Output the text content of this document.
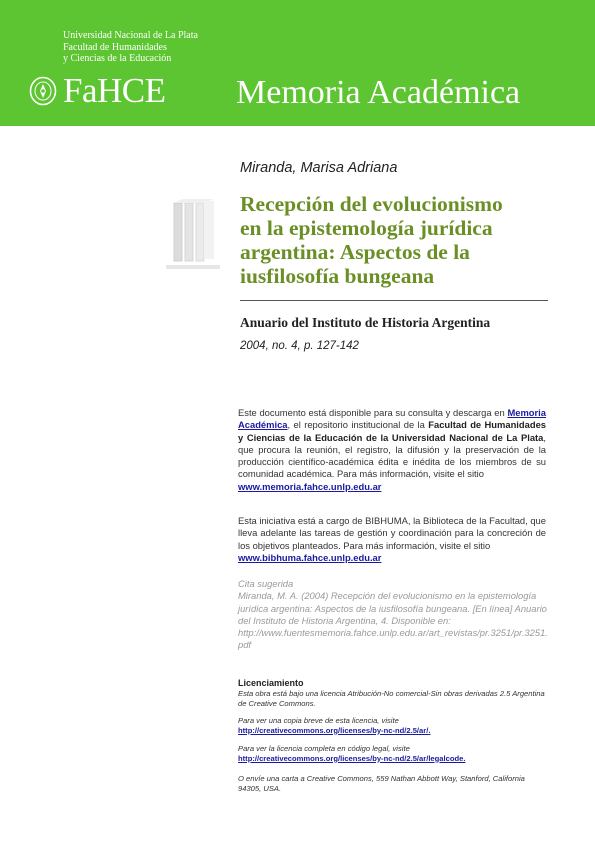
Universidad Nacional de La Plata
Facultad de Humanidades
y Ciencias de la Educación
FaHCE Memoria Académica
Miranda, Marisa Adriana
Recepción del evolucionismo
en la epistemología jurídica
argentina: Aspectos de la
iusfilosofía bungeana
Anuario del Instituto de Historia Argentina
2004, no. 4, p. 127-142
Este documento está disponible para su consulta y descarga en Memoria Académica, el repositorio institucional de la Facultad de Humanidades y Ciencias de la Educación de la Universidad Nacional de La Plata, que procura la reunión, el registro, la difusión y la preservación de la producción científico-académica édita e inédita de los miembros de su comunidad académica. Para más información, visite el sitio
www.memoria.fahce.unlp.edu.ar
Esta iniciativa está a cargo de BIBHUMA, la Biblioteca de la Facultad, que lleva adelante las tareas de gestión y coordinación para la concreción de los objetivos planteados. Para más información, visite el sitio
www.bibhuma.fahce.unlp.edu.ar
Cita sugerida
Miranda, M. A. (2004) Recepción del evolucionismo en la epistemología jurídica argentina: Aspectos de la iusfilosofía bungeana. [En línea] Anuario del Instituto de Historia Argentina, 4. Disponible en:
http://www.fuentesmemoria.fahce.unlp.edu.ar/art_revistas/pr.3251/pr.3251.pdf
Licenciamiento
Esta obra está bajo una licencia Atribución-No comercial-Sin obras derivadas 2.5 Argentina de Creative Commons.
Para ver una copia breve de esta licencia, visite
http://creativecommons.org/licenses/by-nc-nd/2.5/ar/.
Para ver la licencia completa en código legal, visite
http://creativecommons.org/licenses/by-nc-nd/2.5/ar/legalcode.
O envíe una carta a Creative Commons, 559 Nathan Abbott Way, Stanford, California 94305, USA.
